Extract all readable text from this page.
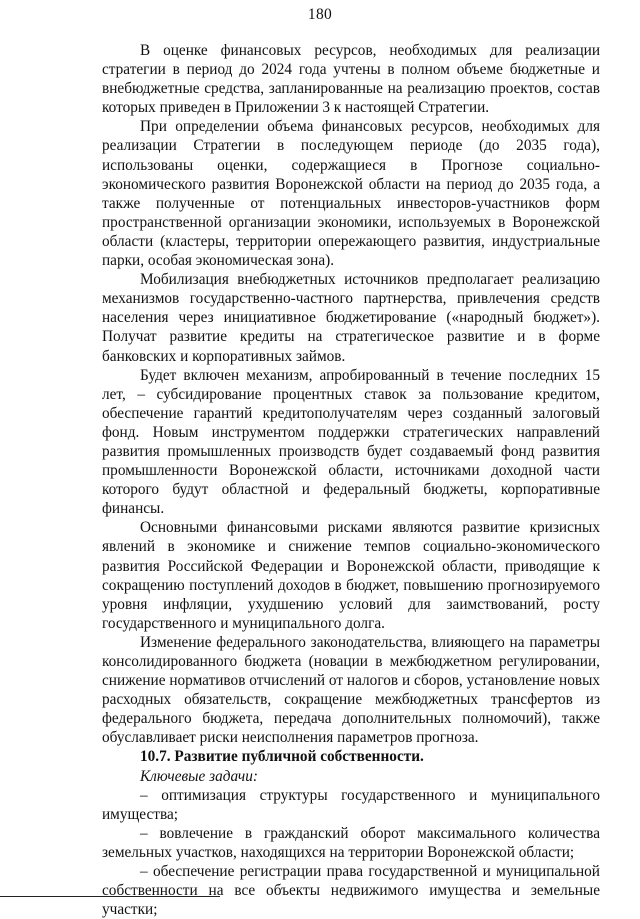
180

В оценке финансовых ресурсов, необходимых для реализации стратегии в период до 2024 года учтены в полном объеме бюджетные и внебюджетные средства, запланированные на реализацию проектов, состав которых приведен в Приложении 3 к настоящей Стратегии.

При определении объема финансовых ресурсов, необходимых для реализации Стратегии в последующем периоде (до 2035 года), использованы оценки, содержащиеся в Прогнозе социально-экономического развития Воронежской области на период до 2035 года, а также полученные от потенциальных инвесторов-участников форм пространственной организации экономики, используемых в Воронежской области (кластеры, территории опережающего развития, индустриальные парки, особая экономическая зона).

Мобилизация внебюджетных источников предполагает реализацию механизмов государственно-частного партнерства, привлечения средств населения через инициативное бюджетирование («народный бюджет»). Получат развитие кредиты на стратегическое развитие и в форме банковских и корпоративных займов.

Будет включен механизм, апробированный в течение последних 15 лет, – субсидирование процентных ставок за пользование кредитом, обеспечение гарантий кредитополучателям через созданный залоговый фонд. Новым инструментом поддержки стратегических направлений развития промышленных производств будет создаваемый фонд развития промышленности Воронежской области, источниками доходной части которого будут областной и федеральный бюджеты, корпоративные финансы.

Основными финансовыми рисками являются развитие кризисных явлений в экономике и снижение темпов социально-экономического развития Российской Федерации и Воронежской области, приводящие к сокращению поступлений доходов в бюджет, повышению прогнозируемого уровня инфляции, ухудшению условий для заимствований, росту государственного и муниципального долга.

Изменение федерального законодательства, влияющего на параметры консолидированного бюджета (новации в межбюджетном регулировании, снижение нормативов отчислений от налогов и сборов, установление новых расходных обязательств, сокращение межбюджетных трансфертов из федерального бюджета, передача дополнительных полномочий), также обуславливает риски неисполнения параметров прогноза.

10.7. Развитие публичной собственности.

Ключевые задачи:

– оптимизация структуры государственного и муниципального имущества;

– вовлечение в гражданский оборот максимального количества земельных участков, находящихся на территории Воронежской области;

– обеспечение регистрации права государственной и муниципальной собственности на все объекты недвижимого имущества и земельные участки;
